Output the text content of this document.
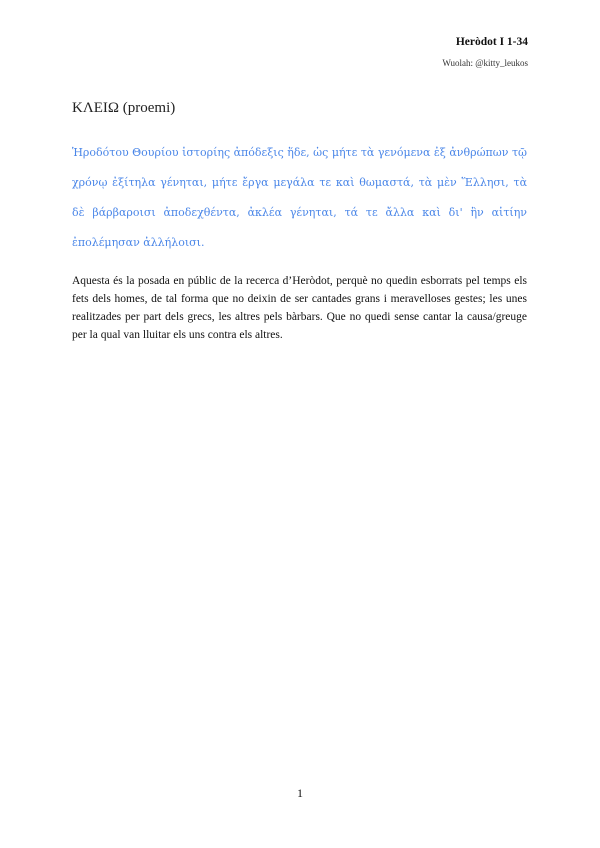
Heròdot I 1-34

Wuolah: @kitty_leukos

ΚΛΕΙΩ (proemi)

Ἡροδότου Θουρίου ἱστορίης ἀπόδεξις ἥδε, ὡς μήτε τὰ γενόμενα ἐξ ἀνθρώπων τῷ χρόνῳ ἐξίτηλα γένηται, μήτε ἔργα μεγάλα τε καὶ θωμαστά, τὰ μὲν Ἕλλησι, τὰ δὲ βάρβαροισι ἀποδεχθέντα, ἀκλέα γένηται, τά τε ἄλλα καὶ δι' ἣν αἰτίην ἐπολέμησαν ἀλλήλοισι.

Aquesta és la posada en públic de la recerca d’Heròdot, perquè no quedin esborrats pel temps els fets dels homes, de tal forma que no deixin de ser cantades grans i meravelloses gestes; les unes realitzades per part dels grecs, les altres pels bàrbars. Que no quedi sense cantar la causa/greuge per la qual van lluitar els uns contra els altres.

1
